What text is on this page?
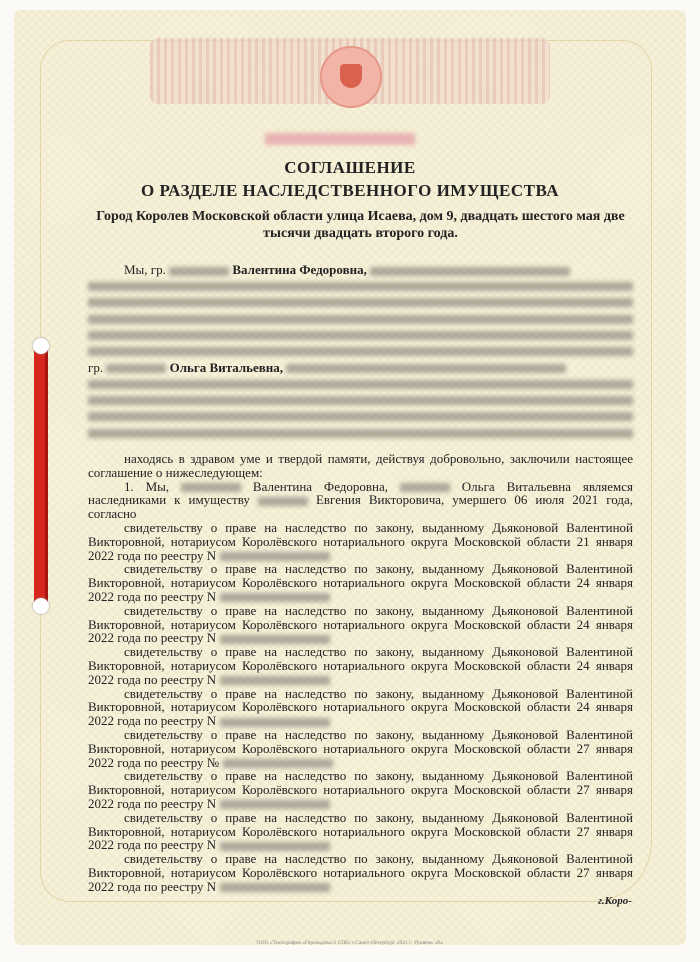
СОГЛАШЕНИЕ
О РАЗДЕЛЕ НАСЛЕДСТВЕННОГО ИМУЩЕСТВА
Город Королев Московской области улица Исаева, дом 9, двадцать шестого мая две тысячи двадцать второго года.
Мы, гр.	Валентина Федоровна,
гр.	Ольга Витальевна,
находясь в здравом уме и твердой памяти, действуя добровольно, заключили настоящее соглашение о нижеследующем:
1. Мы,	Валентина Федоровна,	Ольга Витальевна являемся наследниками к имуществу	Евгения Викторовича, умершего 06 июля 2021 года, согласно
свидетельству о праве на наследство по закону, выданному Дьяконовой Валентиной Викторовной, нотариусом Королёвского нотариального округа Московской области 21 января 2022 года по реестру N
свидетельству о праве на наследство по закону, выданному Дьяконовой Валентиной Викторовной, нотариусом Королёвского нотариального округа Московской области 24 января 2022 года по реестру N
свидетельству о праве на наследство по закону, выданному Дьяконовой Валентиной Викторовной, нотариусом Королёвского нотариального округа Московской области 24 января 2022 года по реестру N
свидетельству о праве на наследство по закону, выданному Дьяконовой Валентиной Викторовной, нотариусом Королёвского нотариального округа Московской области 24 января 2022 года по реестру N
свидетельству о праве на наследство по закону, выданному Дьяконовой Валентиной Викторовной, нотариусом Королёвского нотариального округа Московской области 24 января 2022 года по реестру N
свидетельству о праве на наследство по закону, выданному Дьяконовой Валентиной Викторовной, нотариусом Королёвского нотариального округа Московской области 27 января 2022 года по реестру №
свидетельству о праве на наследство по закону, выданному Дьяконовой Валентиной Викторовной, нотариусом Королёвского нотариального округа Московской области 27 января 2022 года по реестру N
свидетельству о праве на наследство по закону, выданному Дьяконовой Валентиной Викторовной, нотариусом Королёвского нотариального округа Московской области 27 января 2022 года по реестру N
свидетельству о праве на наследство по закону, выданному Дьяконовой Валентиной Викторовной, нотариусом Королёвского нотариального округа Московской области 27 января 2022 года по реестру N
г.Коро-
ООО «Типография «Герольдика-2 СПб» г.Санкт-Петербург 2021 г. Уровень «В»
